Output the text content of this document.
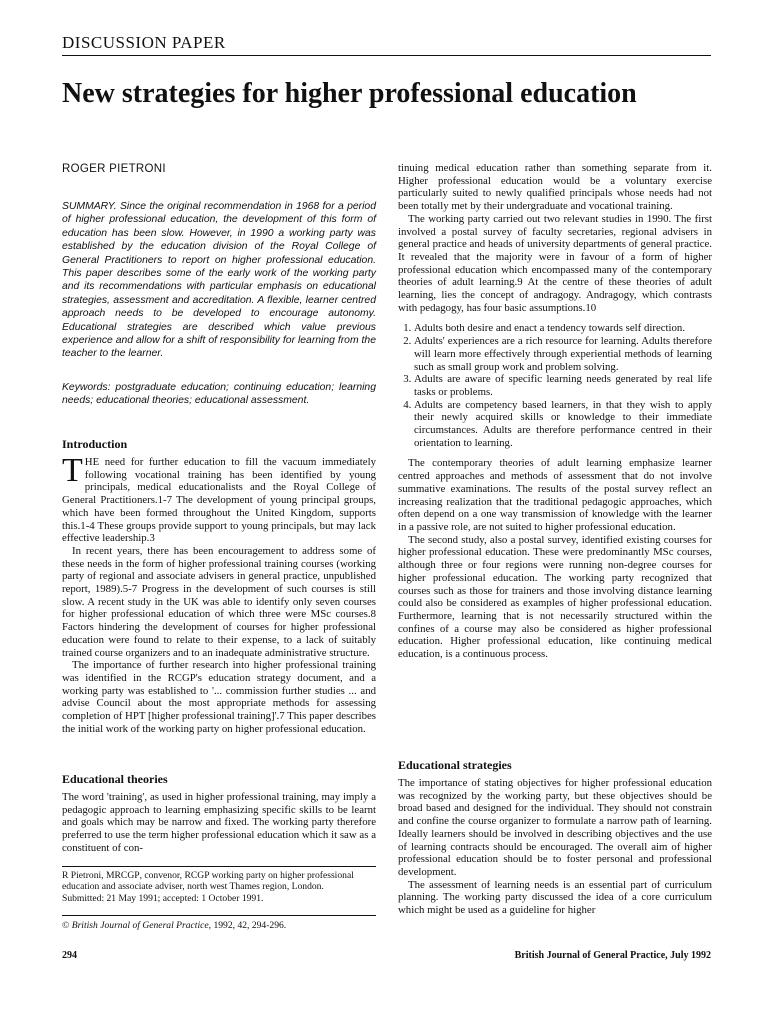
DISCUSSION PAPER
New strategies for higher professional education
ROGER PIETRONI

SUMMARY. Since the original recommendation in 1968 for a period of higher professional education, the development of this form of education has been slow. However, in 1990 a working party was established by the education division of the Royal College of General Practitioners to report on higher professional education. This paper describes some of the early work of the working party and its recommendations with particular emphasis on educational strategies, assessment and accreditation. A flexible, learner centred approach needs to be developed to encourage autonomy. Educational strategies are described which value previous experience and allow for a shift of responsibility for learning from the teacher to the learner.

Keywords: postgraduate education; continuing education; learning needs; educational theories; educational assessment.

Introduction

THE need for further education to fill the vacuum immediately following vocational training has been identified by young principals, medical educationalists and the Royal College of General Practitioners.1-7 The development of young principal groups, which have been formed throughout the United Kingdom, supports this.1-4 These groups provide support to young principals, but may lack effective leadership.3

In recent years, there has been encouragement to address some of these needs in the form of higher professional training courses (working party of regional and associate advisers in general practice, unpublished report, 1989).5-7 Progress in the development of such courses is still slow. A recent study in the UK was able to identify only seven courses for higher professional education of which three were MSc courses.8 Factors hindering the development of courses for higher professional education were found to relate to their expense, to a lack of suitably trained course organizers and to an inadequate administrative structure.

The importance of further research into higher professional training was identified in the RCGP's education strategy document, and a working party was established to '... commission further studies ... and advise Council about the most appropriate methods for assessing completion of HPT [higher professional training]'.7 This paper describes the initial work of the working party on higher professional education.

Educational theories

The word 'training', as used in higher professional training, may imply a pedagogic approach to learning emphasizing specific skills to be learnt and goals which may be narrow and fixed. The working party therefore preferred to use the term higher professional education which it saw as a constituent of con-

R Pietroni, MRCGP, convenor, RCGP working party on higher professional education and associate adviser, north west Thames region, London.

Submitted: 21 May 1991; accepted: 1 October 1991.

© British Journal of General Practice, 1992, 42, 294-296.

tinuing medical education rather than something separate from it. Higher professional education would be a voluntary exercise particularly suited to newly qualified principals whose needs had not been totally met by their undergraduate and vocational training.

The working party carried out two relevant studies in 1990. The first involved a postal survey of faculty secretaries, regional advisers in general practice and heads of university departments of general practice. It revealed that the majority were in favour of a form of higher professional education which encompassed many of the contemporary theories of adult learning.9 At the centre of these theories of adult learning, lies the concept of andragogy. Andragogy, which contrasts with pedagogy, has four basic assumptions.10

1. Adults both desire and enact a tendency towards self direction.
2. Adults' experiences are a rich resource for learning. Adults therefore will learn more effectively through experiential methods of learning such as small group work and problem solving.
3. Adults are aware of specific learning needs generated by real life tasks or problems.
4. Adults are competency based learners, in that they wish to apply their newly acquired skills or knowledge to their immediate circumstances. Adults are therefore performance centred in their orientation to learning.

The contemporary theories of adult learning emphasize learner centred approaches and methods of assessment that do not involve summative examinations. The results of the postal survey reflect an increasing realization that the traditional pedagogic approaches, which often depend on a one way transmission of knowledge with the learner in a passive role, are not suited to higher professional education.

The second study, also a postal survey, identified existing courses for higher professional education. These were predominantly MSc courses, although three or four regions were running non-degree courses for higher professional education. The working party recognized that courses such as those for trainers and those involving distance learning could also be considered as examples of higher professional education. Furthermore, learning that is not necessarily structured within the confines of a course may also be considered as higher professional education. Higher professional education, like continuing medical education, is a continuous process.

Educational strategies

The importance of stating objectives for higher professional education was recognized by the working party, but these objectives should be broad based and designed for the individual. They should not constrain and confine the course organizer to formulate a narrow path of learning. Ideally learners should be involved in describing objectives and the use of learning contracts should be encouraged. The overall aim of higher professional education should be to foster personal and professional development.

The assessment of learning needs is an essential part of curriculum planning. The working party discussed the idea of a core curriculum which might be used as a guideline for higher

294	British Journal of General Practice, July 1992
